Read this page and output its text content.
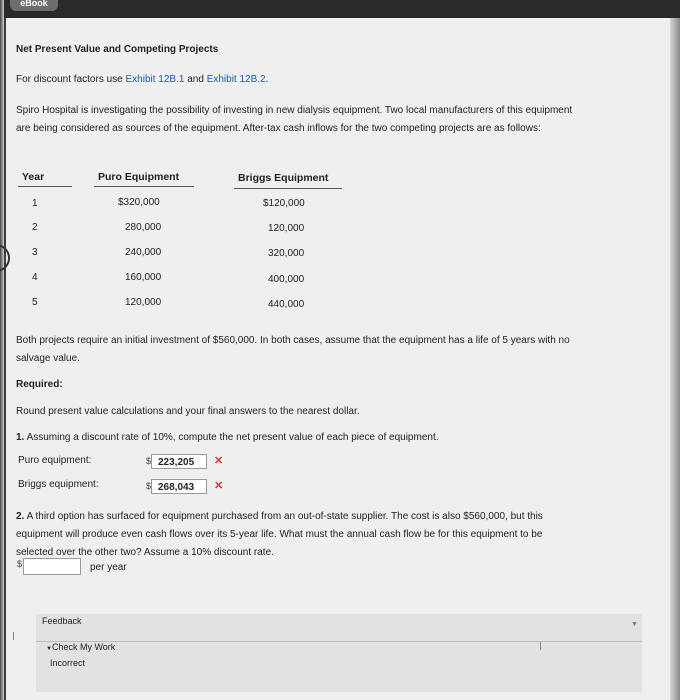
eBook
Net Present Value and Competing Projects
For discount factors use Exhibit 12B.1 and Exhibit 12B.2.
Spiro Hospital is investigating the possibility of investing in new dialysis equipment. Two local manufacturers of this equipment
are being considered as sources of the equipment. After-tax cash inflows for the two competing projects are as follows:
Year	Puro Equipment	Briggs Equipment
1	$320,000	$120,000
2	280,000	120,000
3	240,000	320,000
4	160,000	400,000
5	120,000	440,000
Both projects require an initial investment of $560,000. In both cases, assume that the equipment has a life of 5 years with no
salvage value.
Required:
Round present value calculations and your final answers to the nearest dollar.
1. Assuming a discount rate of 10%, compute the net present value of each piece of equipment.
Puro equipment:	$ 223,205	✕
Briggs equipment:	$ 268,043	✕
2. A third option has surfaced for equipment purchased from an out-of-state supplier. The cost is also $560,000, but this
equipment will produce even cash flows over its 5-year life. What must the annual cash flow be for this equipment to be
selected over the other two? Assume a 10% discount rate.
$	per year
Feedback	▼
▼Check My Work
Incorrect
